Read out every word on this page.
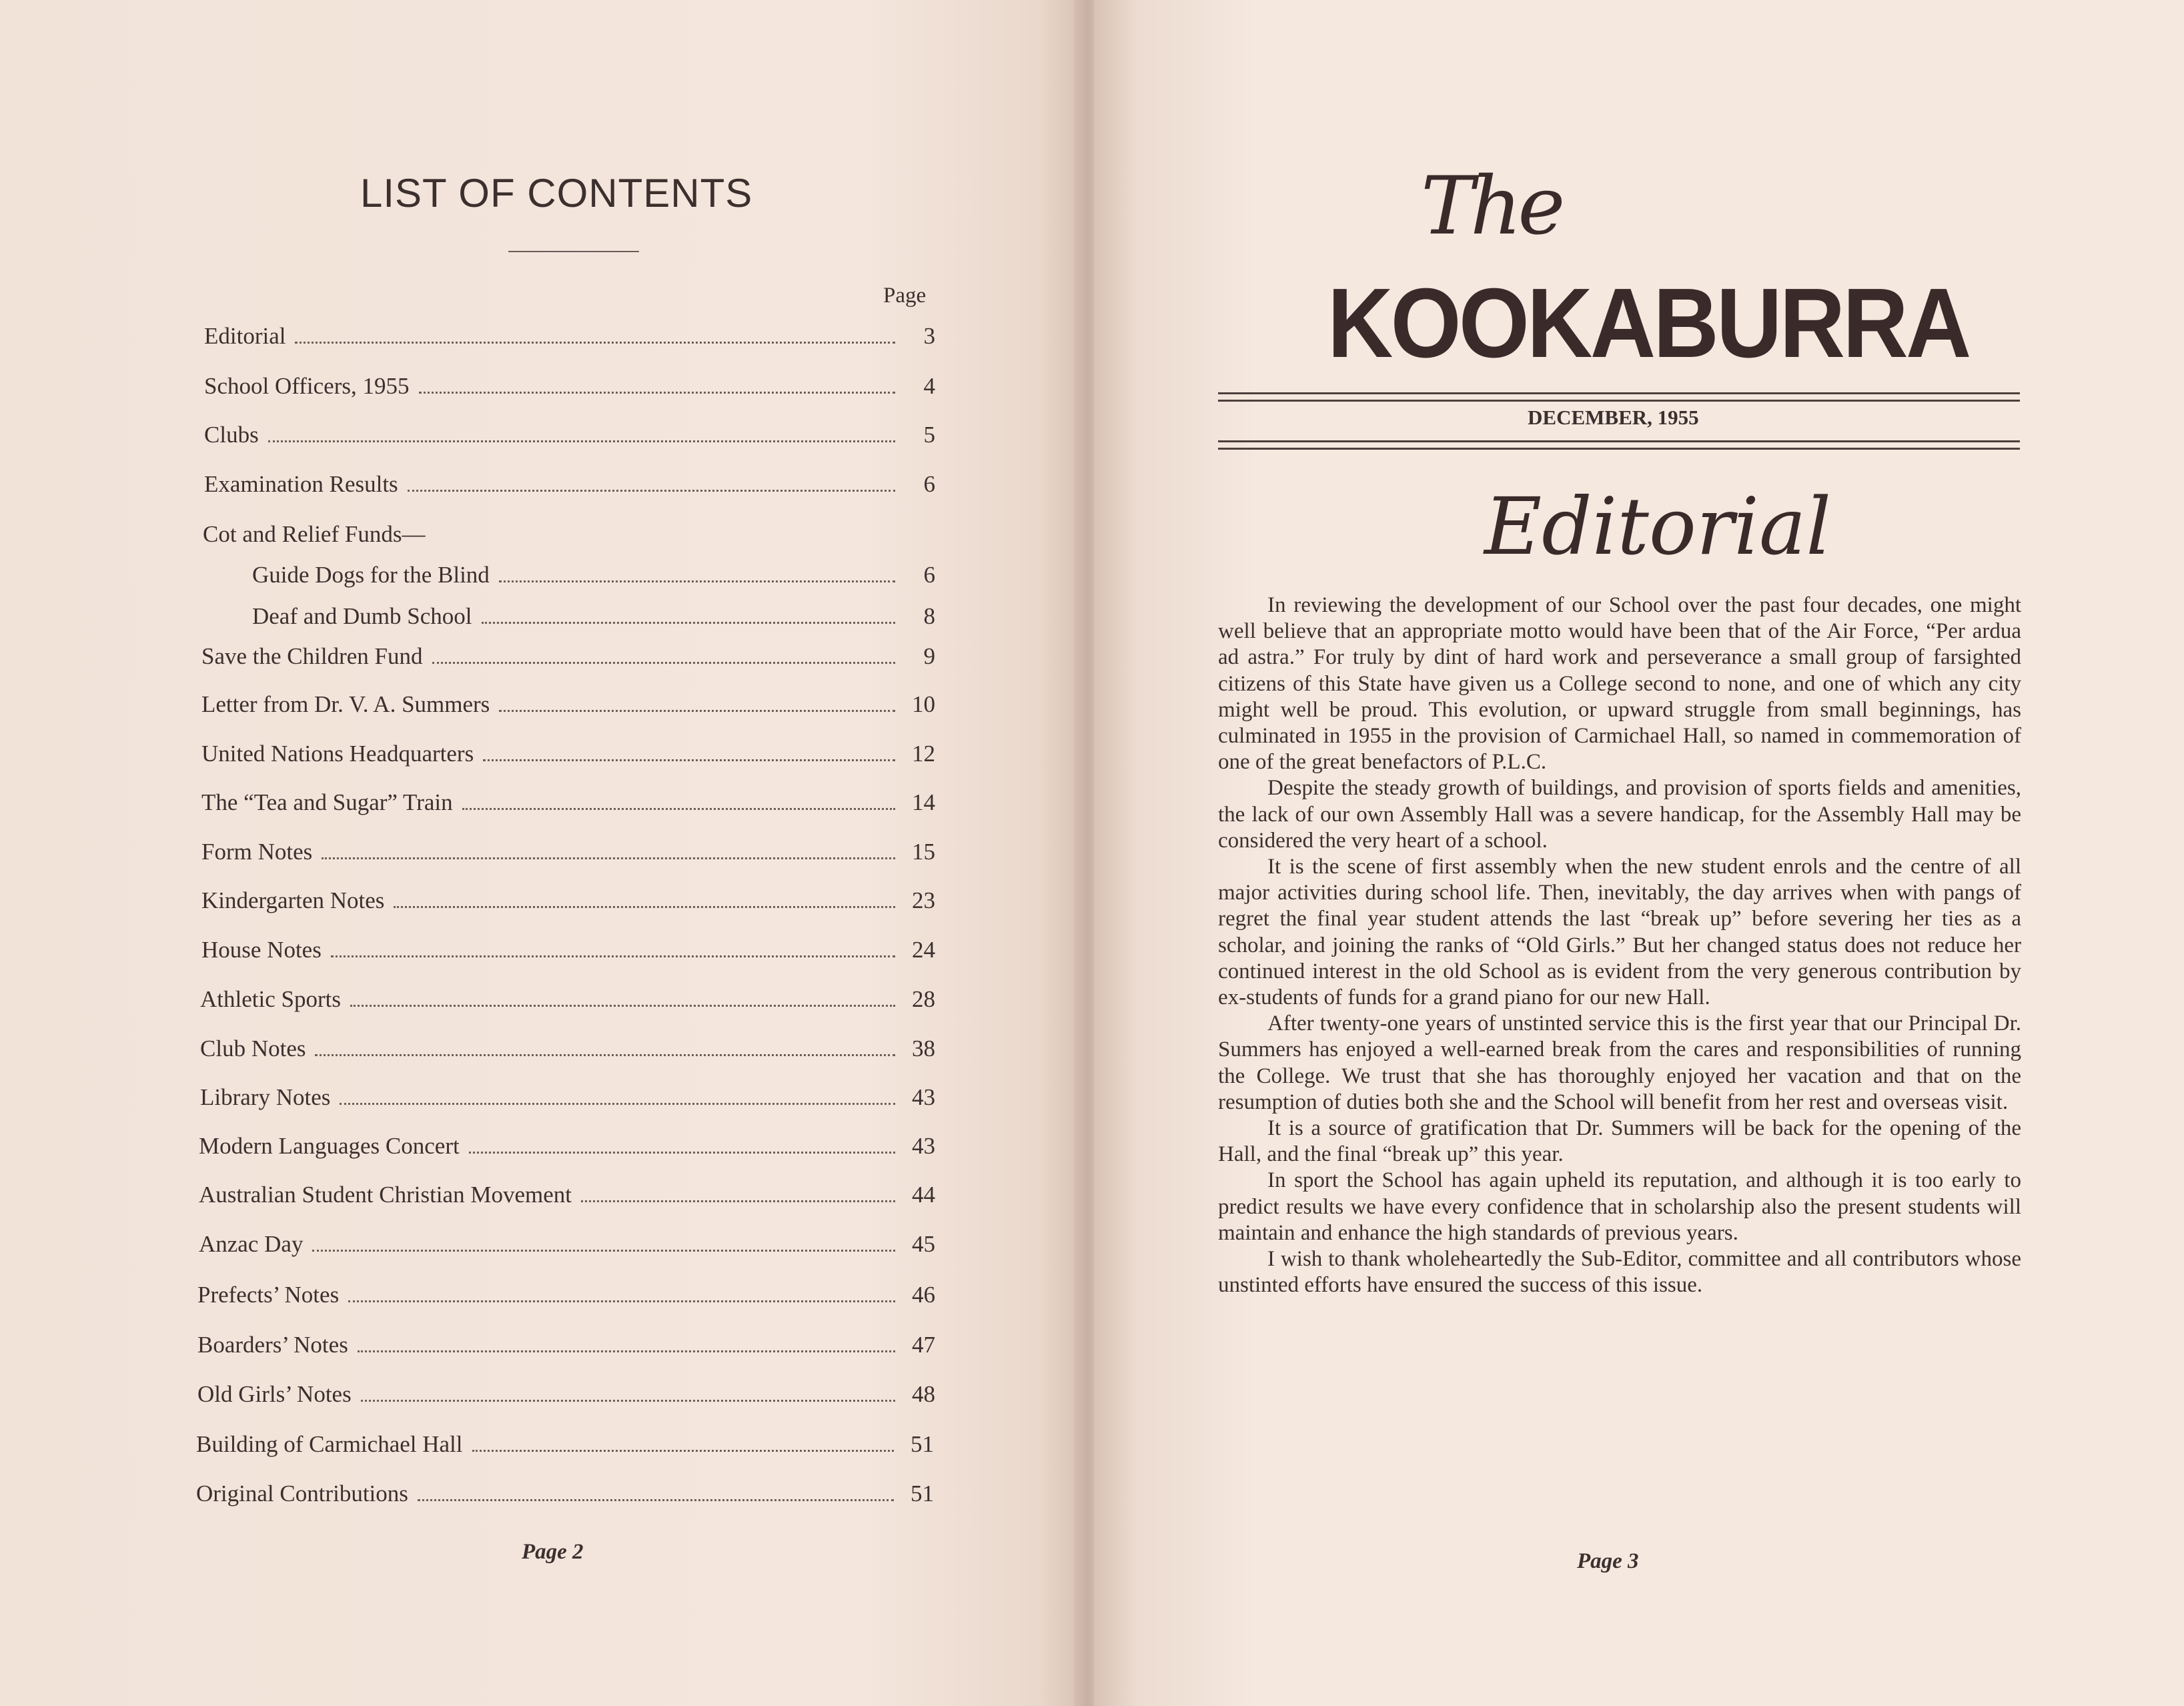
LIST OF CONTENTS
Page
Editorial	3
School Officers, 1955	4
Clubs	5
Examination Results	6
Cot and Relief Funds—
Guide Dogs for the Blind	6
Deaf and Dumb School	8
Save the Children Fund	9
Letter from Dr. V. A. Summers	10
United Nations Headquarters	12
The “Tea and Sugar” Train	14
Form Notes	15
Kindergarten Notes	23
House Notes	24
Athletic Sports	28
Club Notes	38
Library Notes	43
Modern Languages Concert	43
Australian Student Christian Movement	44
Anzac Day	45
Prefects’ Notes	46
Boarders’ Notes	47
Old Girls’ Notes	48
Building of Carmichael Hall	51
Original Contributions	51
Page 2
The
KOOKABURRA
DECEMBER, 1955
Editorial

In reviewing the development of our School over the past four decades, one might well believe that an appropriate motto would have been that of the Air Force, “Per ardua ad astra.” For truly by dint of hard work and perseverance a small group of farsighted citizens of this State have given us a College second to none, and one of which any city might well be proud. This evolution, or upward struggle from small beginnings, has culminated in 1955 in the provision of Carmichael Hall, so named in commemoration of one of the great benefactors of P.L.C.

Despite the steady growth of buildings, and provision of sports fields and amenities, the lack of our own Assembly Hall was a severe handicap, for the Assembly Hall may be considered the very heart of a school.

It is the scene of first assembly when the new student enrols and the centre of all major activities during school life. Then, inevitably, the day arrives when with pangs of regret the final year student attends the last “break up” before severing her ties as a scholar, and joining the ranks of “Old Girls.” But her changed status does not reduce her continued interest in the old School as is evident from the very generous contribution by ex-students of funds for a grand piano for our new Hall.

After twenty-one years of unstinted service this is the first year that our Principal Dr. Summers has enjoyed a well-earned break from the cares and responsibilities of running the College. We trust that she has thoroughly enjoyed her vacation and that on the resumption of duties both she and the School will benefit from her rest and overseas visit.

It is a source of gratification that Dr. Summers will be back for the opening of the Hall, and the final “break up” this year.

In sport the School has again upheld its reputation, and although it is too early to predict results we have every confidence that in scholarship also the present students will maintain and enhance the high standards of previous years.

I wish to thank wholeheartedly the Sub-Editor, committee and all contributors whose unstinted efforts have ensured the success of this issue.

Page 3
